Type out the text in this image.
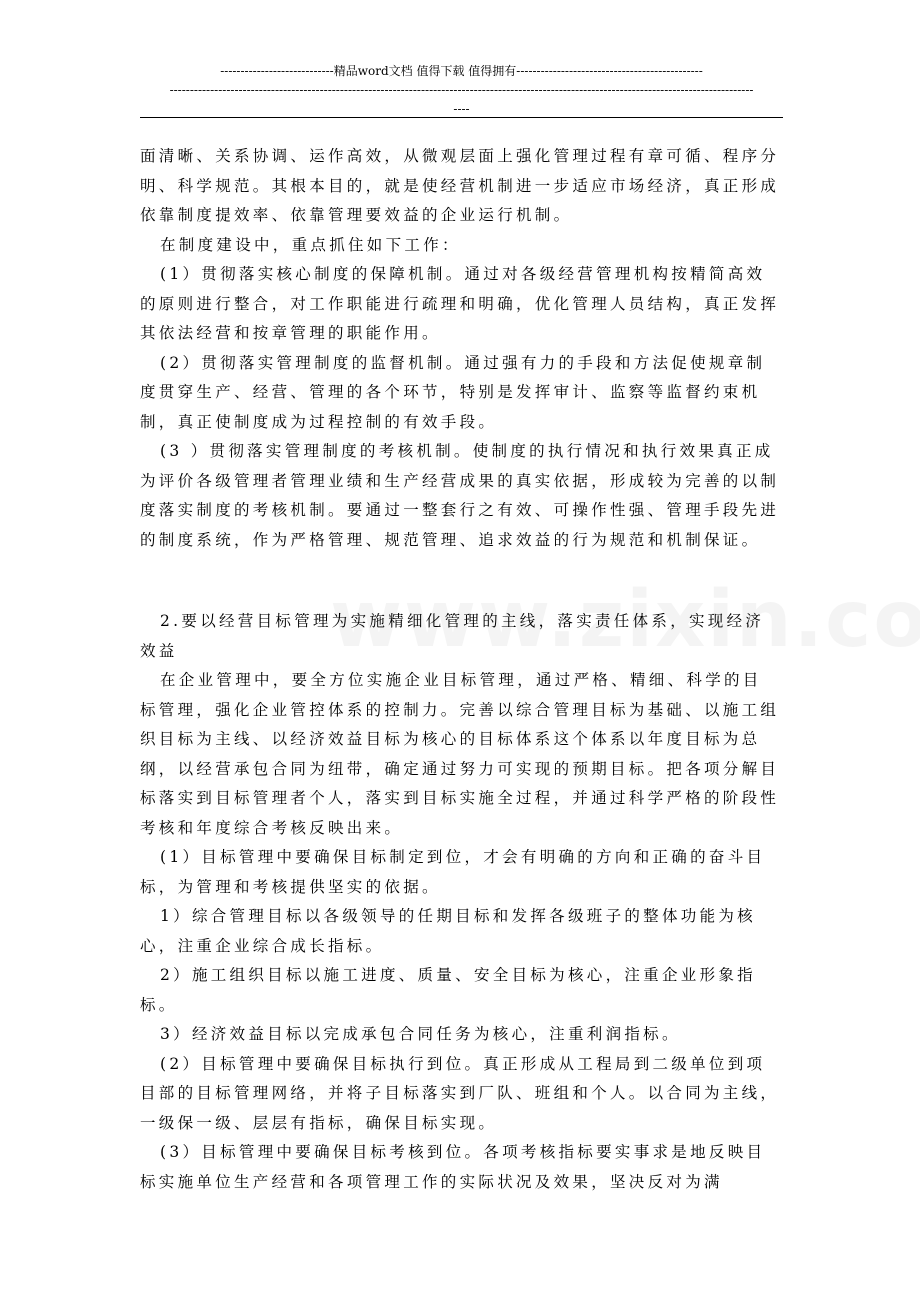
----------------------------精品word文档 值得下载 值得拥有----------------------------------------------
------------------------------------------------------------------------------------------------------------------------------------------------
----

面清晰、关系协调、运作高效，从微观层面上强化管理过程有章可循、程序分明、科学规范。其根本目的，就是使经营机制进一步适应市场经济，真正形成依靠制度提效率、依靠管理要效益的企业运行机制。

在制度建设中，重点抓住如下工作：

(1）贯彻落实核心制度的保障机制。通过对各级经营管理机构按精简高效的原则进行整合，对工作职能进行疏理和明确，优化管理人员结构，真正发挥其依法经营和按章管理的职能作用。

(2）贯彻落实管理制度的监督机制。通过强有力的手段和方法促使规章制度贯穿生产、经营、管理的各个环节，特别是发挥审计、监察等监督约束机制，真正使制度成为过程控制的有效手段。

(3 ）贯彻落实管理制度的考核机制。使制度的执行情况和执行效果真正成为评价各级管理者管理业绩和生产经营成果的真实依据，形成较为完善的以制度落实制度的考核机制。要通过一整套行之有效、可操作性强、管理手段先进的制度系统，作为严格管理、规范管理、追求效益的行为规范和机制保证。

2.要以经营目标管理为实施精细化管理的主线，落实责任体系，实现经济效益

在企业管理中，要全方位实施企业目标管理，通过严格、精细、科学的目标管理，强化企业管控体系的控制力。完善以综合管理目标为基础、以施工组织目标为主线、以经济效益目标为核心的目标体系这个体系以年度目标为总纲，以经营承包合同为纽带，确定通过努力可实现的预期目标。把各项分解目标落实到目标管理者个人，落实到目标实施全过程，并通过科学严格的阶段性考核和年度综合考核反映出来。

(1）目标管理中要确保目标制定到位，才会有明确的方向和正确的奋斗目标，为管理和考核提供坚实的依据。

1）综合管理目标以各级领导的任期目标和发挥各级班子的整体功能为核心，注重企业综合成长指标。

2）施工组织目标以施工进度、质量、安全目标为核心，注重企业形象指标。

3）经济效益目标以完成承包合同任务为核心，注重利润指标。

(2）目标管理中要确保目标执行到位。真正形成从工程局到二级单位到项目部的目标管理网络，并将子目标落实到厂队、班组和个人。以合同为主线，一级保一级、层层有指标，确保目标实现。

(3）目标管理中要确保目标考核到位。各项考核指标要实事求是地反映目标实施单位生产经营和各项管理工作的实际状况及效果，坚决反对为满
